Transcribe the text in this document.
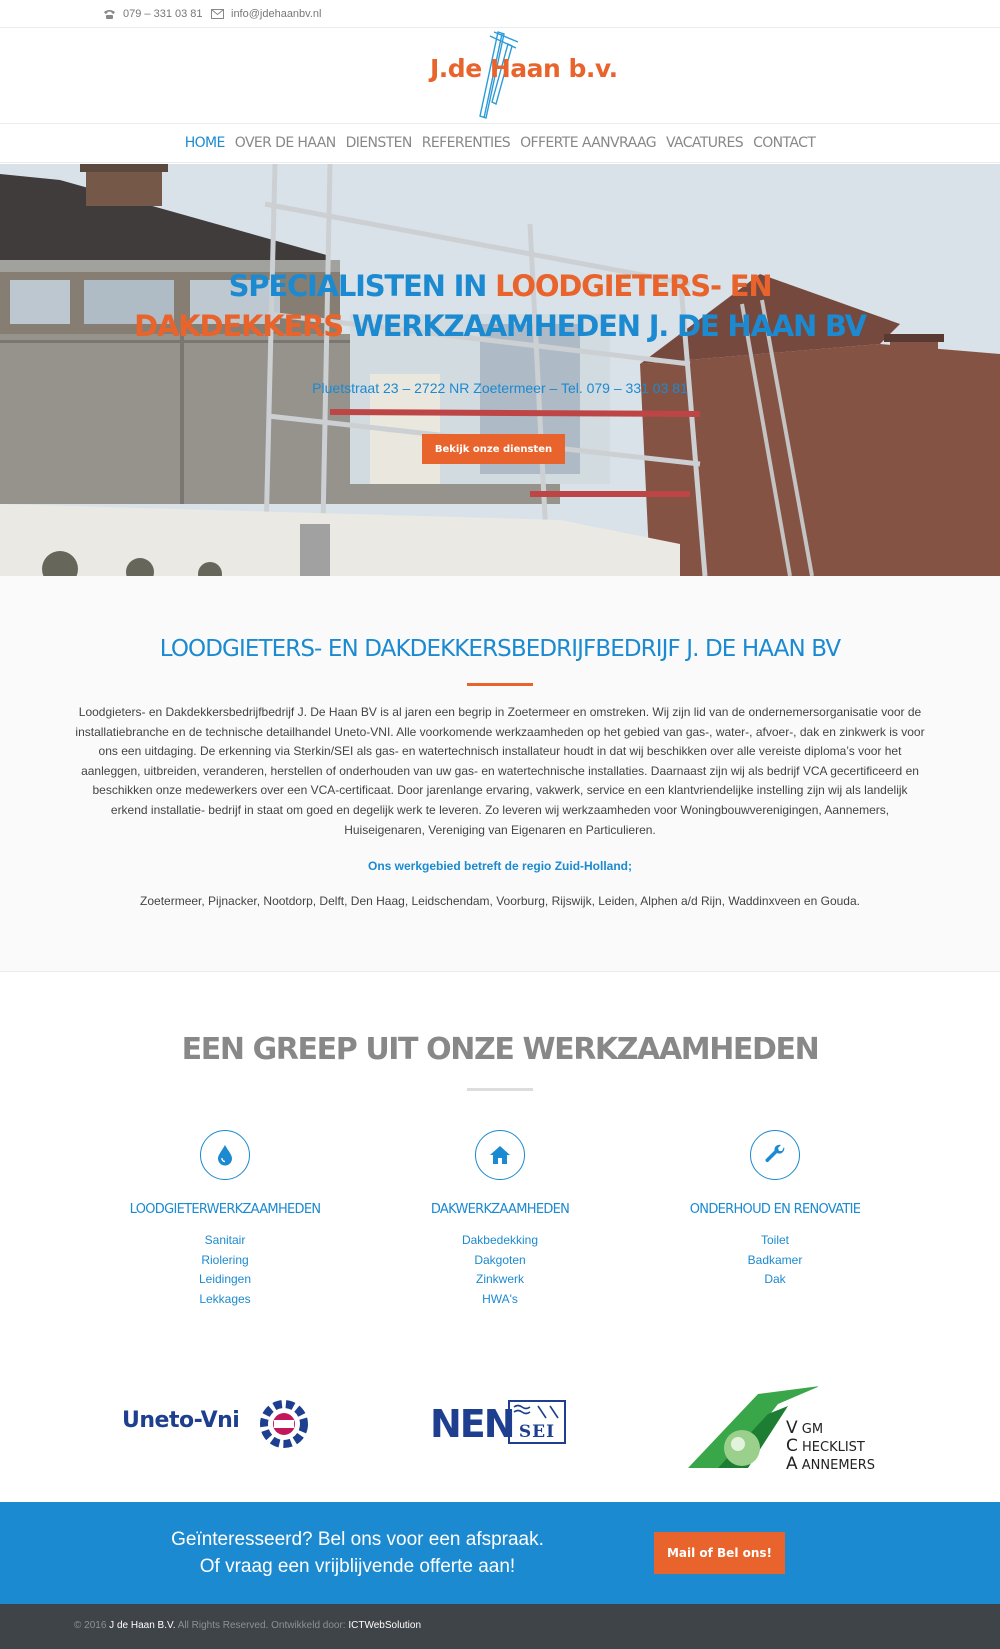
079 – 331 03 81	info@jdehaanbv.nl
J.de Haan b.v.
HOME OVER DE HAAN DIENSTEN REFERENTIES OFFERTE AANVRAAG VACATURES CONTACT
SPECIALISTEN IN LOODGIETERS- EN
DAKDEKKERS WERKZAAMHEDEN J. DE HAAN BV
Pluetstraat 23 – 2722 NR Zoetermeer – Tel. 079 – 331 03 81
Bekijk onze diensten
LOODGIETERS- EN DAKDEKKERSBEDRIJFBEDRIJF J. DE HAAN BV

Loodgieters- en Dakdekkersbedrijfbedrijf J. De Haan BV is al jaren een begrip in Zoetermeer en omstreken. Wij zijn lid van de ondernemersorganisatie voor de installatiebranche en de technische detailhandel Uneto-VNI. Alle voorkomende werkzaamheden op het gebied van gas-, water-, afvoer-, dak en zinkwerk is voor ons een uitdaging. De erkenning via Sterkin/SEI als gas- en watertechnisch installateur houdt in dat wij beschikken over alle vereiste diploma’s voor het aanleggen, uitbreiden, veranderen, herstellen of onderhouden van uw gas- en watertechnische installaties. Daarnaast zijn wij als bedrijf VCA gecertificeerd en beschikken onze medewerkers over een VCA-certificaat. Door jarenlange ervaring, vakwerk, service en een klantvriendelijke instelling zijn wij als landelijk erkend installatie- bedrijf in staat om goed en degelijk werk te leveren. Zo leveren wij werkzaamheden voor Woningbouwverenigingen, Aannemers, Huiseigenaren, Vereniging van Eigenaren en Particulieren.

Ons werkgebied betreft de regio Zuid-Holland;

Zoetermeer, Pijnacker, Nootdorp, Delft, Den Haag, Leidschendam, Voorburg, Rijswijk, Leiden, Alphen a/d Rijn, Waddinxveen en Gouda.

EEN GREEP UIT ONZE WERKZAAMHEDEN
LOODGIETERWERKZAAMHEDEN
Sanitair
Riolering
Leidingen
Lekkages
DAKWERKZAAMHEDEN
Dakbedekking
Dakgoten
Zinkwerk
HWA's
ONDERHOUD EN RENOVATIE
Toilet
Badkamer
Dak
Uneto-Vni	NEN SEI	V GM
C HECKLIST
A ANNEMERS
Geïnteresseerd? Bel ons voor een afspraak.
Of vraag een vrijblijvende offerte aan!
Mail of Bel ons!
© 2016 J de Haan B.V. All Rights Reserved. Ontwikkeld door: ICTWebSolution
